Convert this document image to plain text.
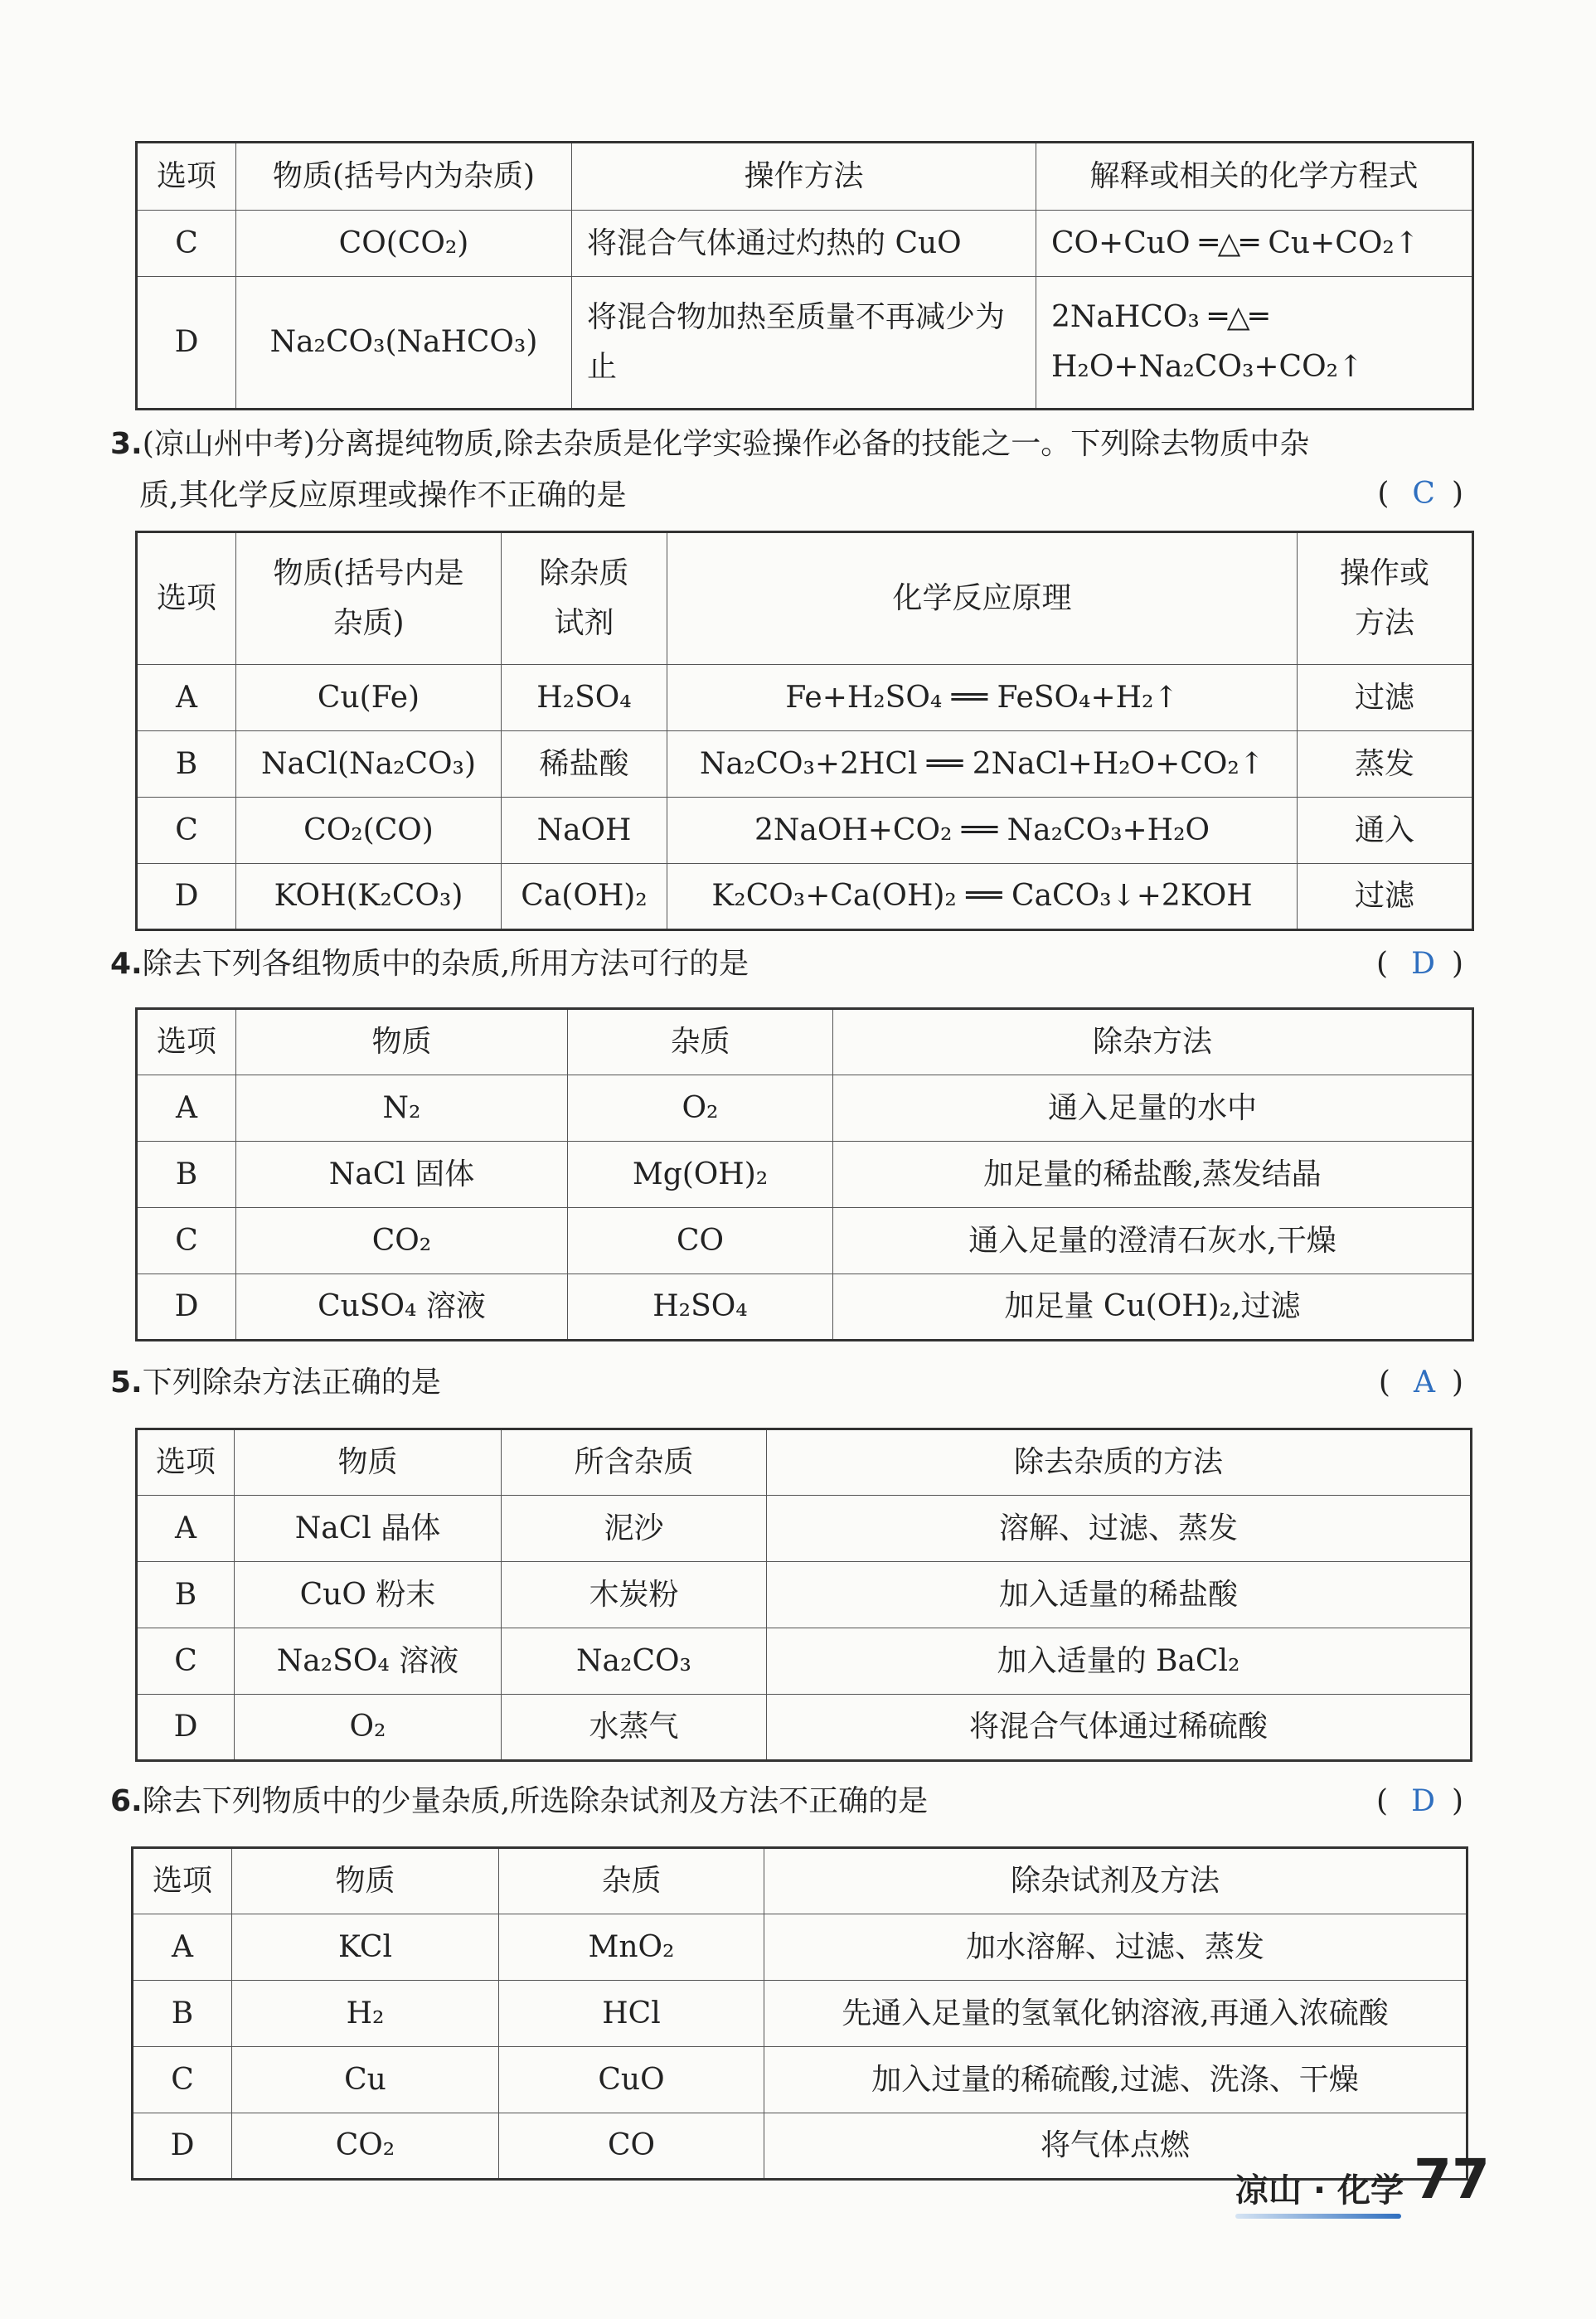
选项	物质(括号内为杂质)	操作方法	解释或相关的化学方程式
C	CO(CO₂)	将混合气体通过灼热的 CuO	CO+CuO ═△═ Cu+CO₂↑
D	Na₂CO₃(NaHCO₃)	将混合物加热至质量不再减少为止	2NaHCO₃ ═△═ H₂O+Na₂CO₃+CO₂↑
3.(凉山州中考)分离提纯物质,除去杂质是化学实验操作必备的技能之一。下列除去物质中杂
质,其化学反应原理或操作不正确的是	( C )
选项	物质(括号内是杂质)	除杂质试剂	化学反应原理	操作或方法
A	Cu(Fe)	H₂SO₄	Fe+H₂SO₄ ══ FeSO₄+H₂↑	过滤
B	NaCl(Na₂CO₃)	稀盐酸	Na₂CO₃+2HCl ══ 2NaCl+H₂O+CO₂↑	蒸发
C	CO₂(CO)	NaOH	2NaOH+CO₂ ══ Na₂CO₃+H₂O	通入
D	KOH(K₂CO₃)	Ca(OH)₂	K₂CO₃+Ca(OH)₂ ══ CaCO₃↓+2KOH	过滤
4.除去下列各组物质中的杂质,所用方法可行的是	( D )
选项	物质	杂质	除杂方法
A	N₂	O₂	通入足量的水中
B	NaCl 固体	Mg(OH)₂	加足量的稀盐酸,蒸发结晶
C	CO₂	CO	通入足量的澄清石灰水,干燥
D	CuSO₄ 溶液	H₂SO₄	加足量 Cu(OH)₂,过滤
5.下列除杂方法正确的是	( A )
选项	物质	所含杂质	除去杂质的方法
A	NaCl 晶体	泥沙	溶解、过滤、蒸发
B	CuO 粉末	木炭粉	加入适量的稀盐酸
C	Na₂SO₄ 溶液	Na₂CO₃	加入适量的 BaCl₂
D	O₂	水蒸气	将混合气体通过稀硫酸
6.除去下列物质中的少量杂质,所选除杂试剂及方法不正确的是	( D )
选项	物质	杂质	除杂试剂及方法
A	KCl	MnO₂	加水溶解、过滤、蒸发
B	H₂	HCl	先通入足量的氢氧化钠溶液,再通入浓硫酸
C	Cu	CuO	加入过量的稀硫酸,过滤、洗涤、干燥
D	CO₂	CO	将气体点燃
凉山 · 化学 77
